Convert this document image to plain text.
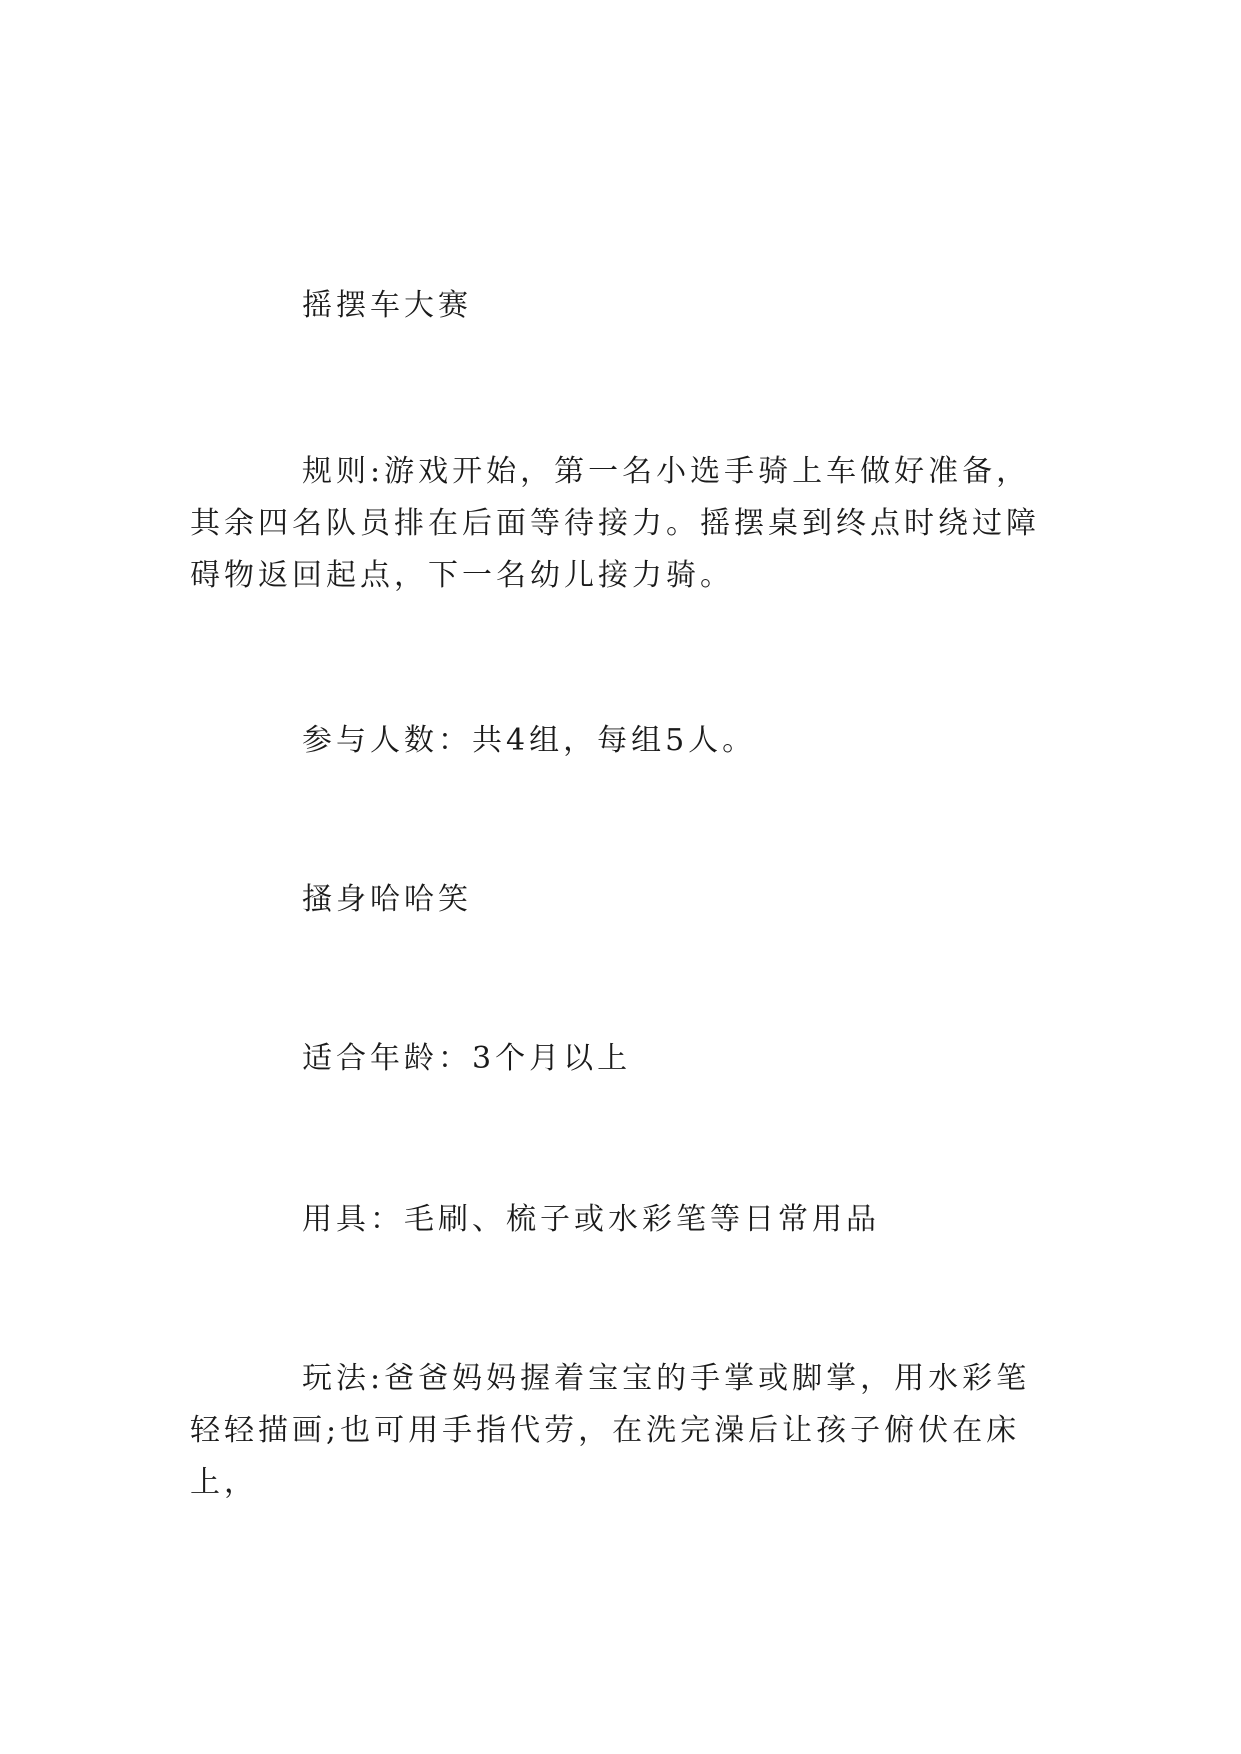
摇摆车大赛

规则:游戏开始，第一名小选手骑上车做好准备，其余四名队员排在后面等待接力。摇摆桌到终点时绕过障碍物返回起点，下一名幼儿接力骑。

参与人数：共4组，每组5人。

搔身哈哈笑

适合年龄：3个月以上

用具：毛刷、梳子或水彩笔等日常用品

玩法:爸爸妈妈握着宝宝的手掌或脚掌，用水彩笔轻轻描画;也可用手指代劳，在洗完澡后让孩子俯伏在床上，
